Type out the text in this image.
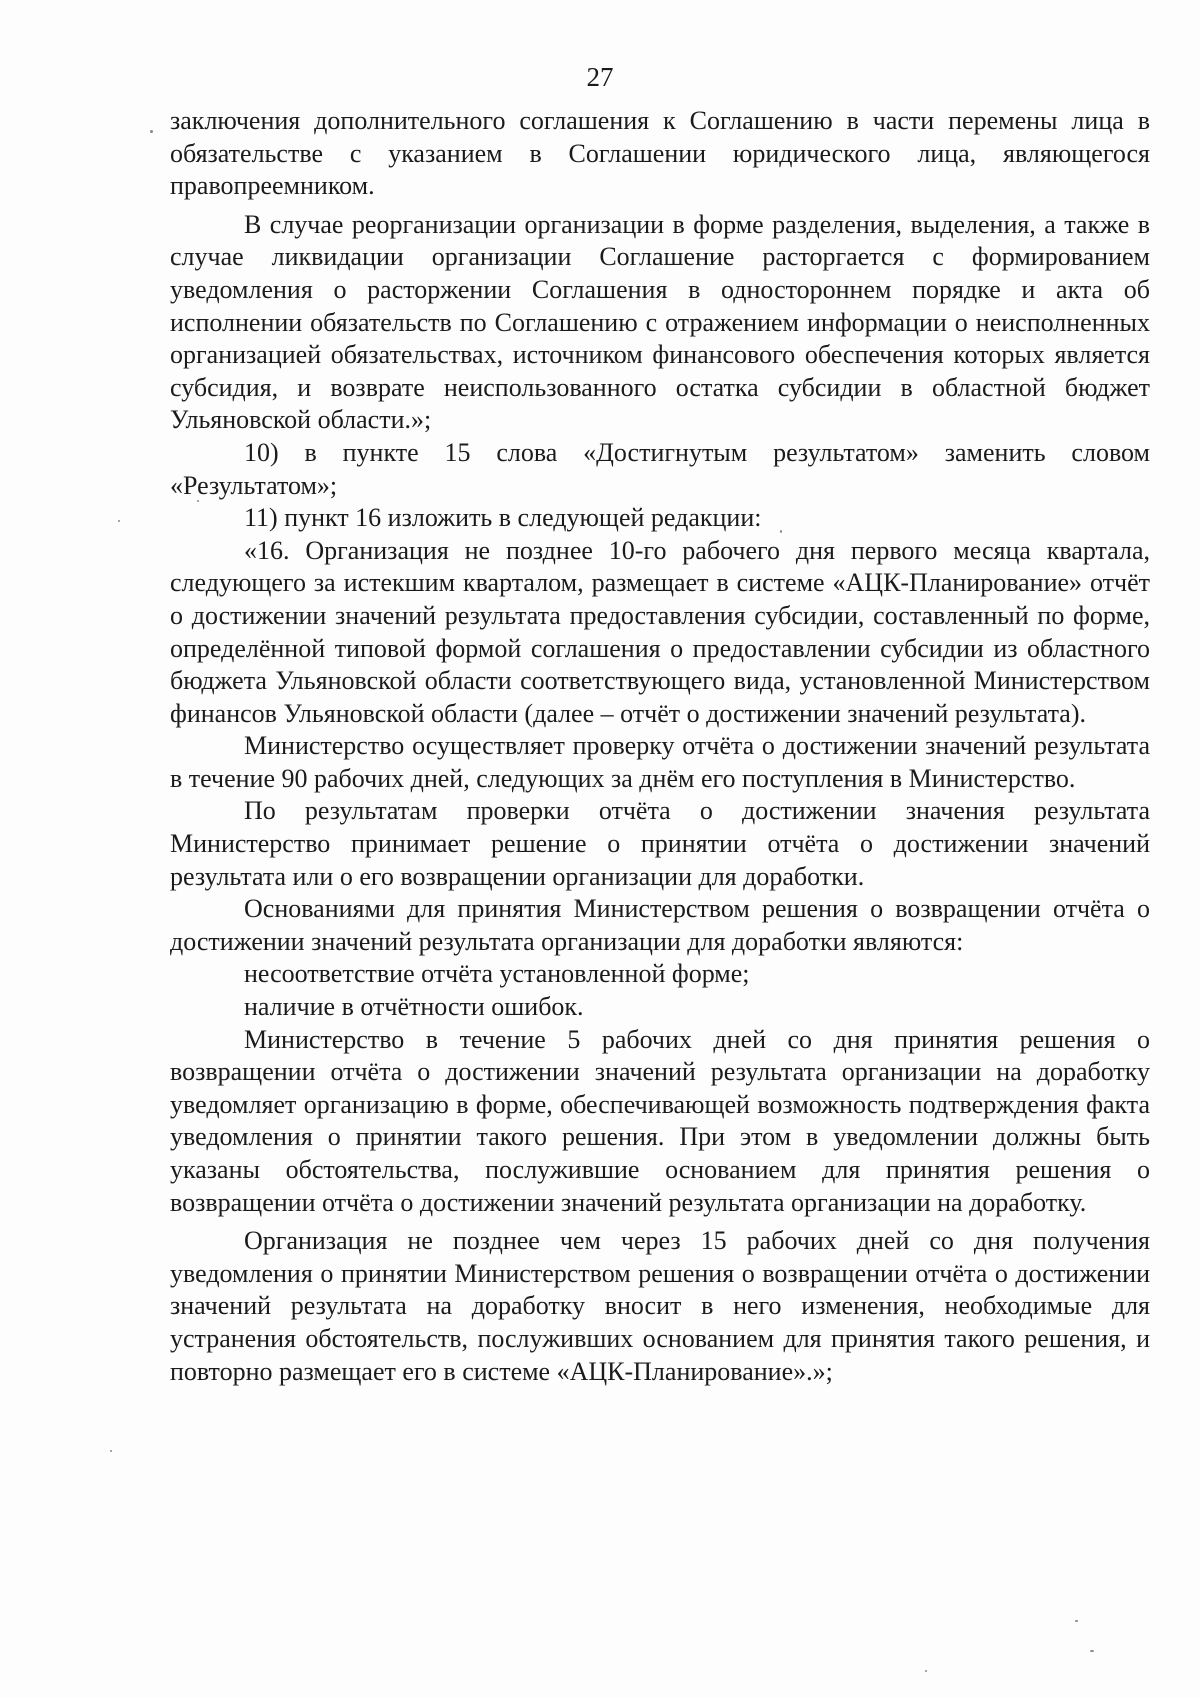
27

заключения дополнительного соглашения к Соглашению в части перемены лица в обязательстве с указанием в Соглашении юридического лица, являющегося правопреемником.

В случае реорганизации организации в форме разделения, выделения, а также в случае ликвидации организации Соглашение расторгается с формированием уведомления о расторжении Соглашения в одностороннем порядке и акта об исполнении обязательств по Соглашению с отражением информации о неисполненных организацией обязательствах, источником финансового обеспечения которых является субсидия, и возврате неиспользованного остатка субсидии в областной бюджет Ульяновской области.»;

10) в пункте 15 слова «Достигнутым результатом» заменить словом «Результатом»;

11) пункт 16 изложить в следующей редакции:

«16. Организация не позднее 10-го рабочего дня первого месяца квартала, следующего за истекшим кварталом, размещает в системе «АЦК-Планирование» отчёт о достижении значений результата предоставления субсидии, составленный по форме, определённой типовой формой соглашения о предоставлении субсидии из областного бюджета Ульяновской области соответствующего вида, установленной Министерством финансов Ульяновской области (далее – отчёт о достижении значений результата).

Министерство осуществляет проверку отчёта о достижении значений результата в течение 90 рабочих дней, следующих за днём его поступления в Министерство.

По результатам проверки отчёта о достижении значения результата Министерство принимает решение о принятии отчёта о достижении значений результата или о его возвращении организации для доработки.

Основаниями для принятия Министерством решения о возвращении отчёта о достижении значений результата организации для доработки являются:

несоответствие отчёта установленной форме;

наличие в отчётности ошибок.

Министерство в течение 5 рабочих дней со дня принятия решения о возвращении отчёта о достижении значений результата организации на доработку уведомляет организацию в форме, обеспечивающей возможность подтверждения факта уведомления о принятии такого решения. При этом в уведомлении должны быть указаны обстоятельства, послужившие основанием для принятия решения о возвращении отчёта о достижении значений результата организации на доработку.

Организация не позднее чем через 15 рабочих дней со дня получения уведомления о принятии Министерством решения о возвращении отчёта о достижении значений результата на доработку вносит в него изменения, необходимые для устранения обстоятельств, послуживших основанием для принятия такого решения, и повторно размещает его в системе «АЦК-Планирование».»;
